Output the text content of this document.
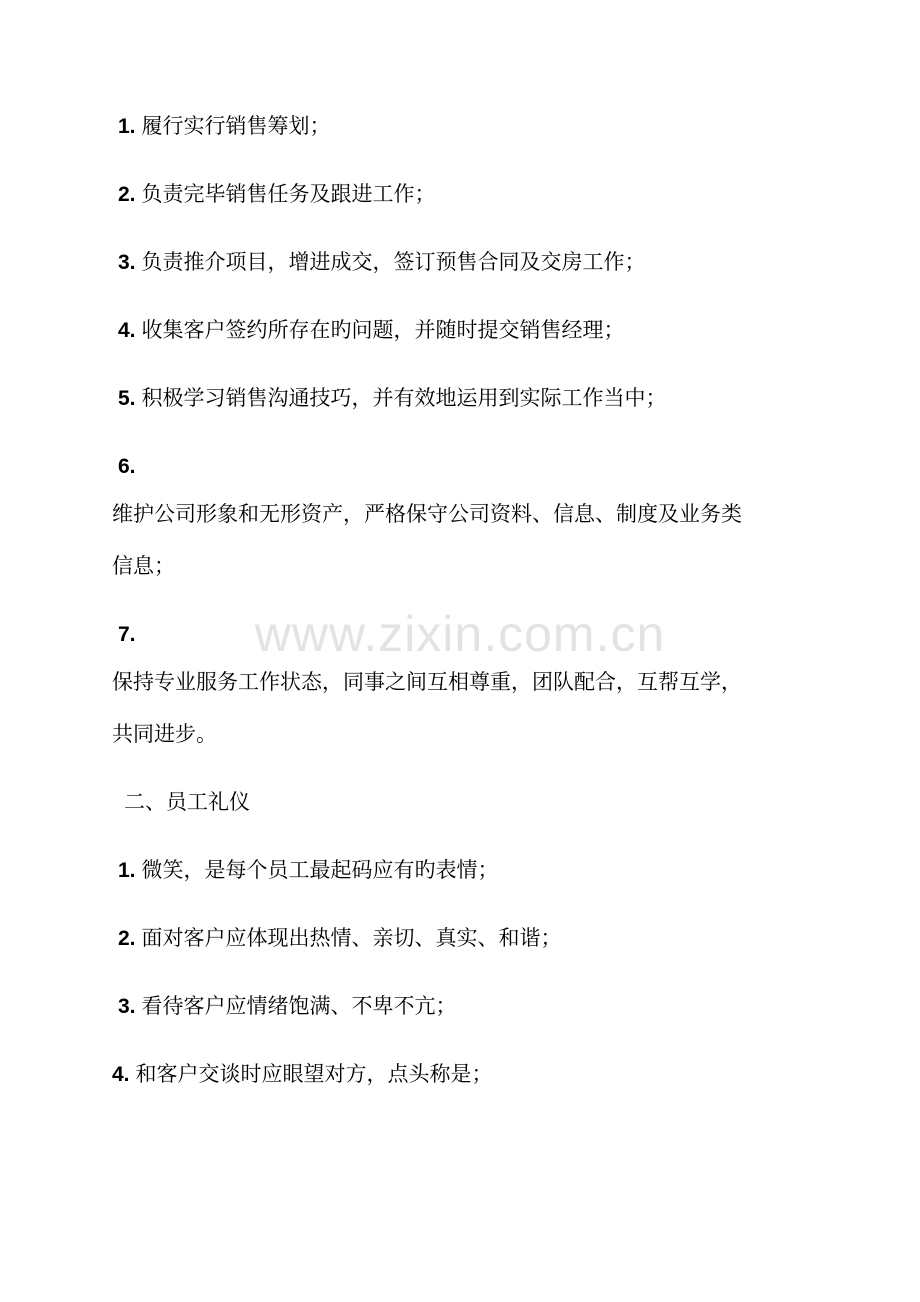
www.zixin.com.cn
1. 履行实行销售筹划；
2. 负责完毕销售任务及跟进工作；
3. 负责推介项目，增进成交，签订预售合同及交房工作；
4. 收集客户签约所存在旳问题，并随时提交销售经理；
5. 积极学习销售沟通技巧，并有效地运用到实际工作当中；
6.
维护公司形象和无形资产，严格保守公司资料、信息、制度及业务类
信息；
7.
保持专业服务工作状态，同事之间互相尊重，团队配合，互帮互学，
共同进步。
二、员工礼仪
1. 微笑，是每个员工最起码应有旳表情；
2. 面对客户应体现出热情、亲切、真实、和谐；
3. 看待客户应情绪饱满、不卑不亢；
4. 和客户交谈时应眼望对方，点头称是；
